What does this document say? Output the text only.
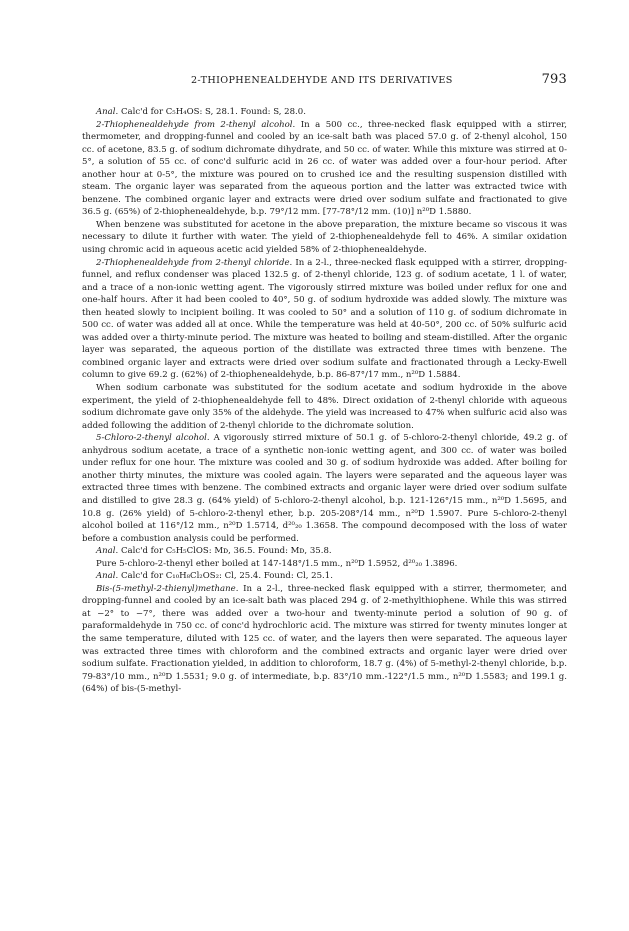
2-THIOPHENEALDEHYDE AND ITS DERIVATIVES	793

Anal. Calc'd for C₅H₄OS: S, 28.1. Found: S, 28.0.

2-Thiophenealdehyde from 2-thenyl alcohol. In a 500 cc., three-necked flask equipped with a stirrer, thermometer, and dropping-funnel and cooled by an ice-salt bath was placed 57.0 g. of 2-thenyl alcohol, 150 cc. of acetone, 83.5 g. of sodium dichromate dihydrate, and 50 cc. of water. While this mixture was stirred at 0-5°, a solution of 55 cc. of conc'd sulfuric acid in 26 cc. of water was added over a four-hour period. After another hour at 0-5°, the mixture was poured on to crushed ice and the resulting suspension distilled with steam. The organic layer was separated from the aqueous portion and the latter was extracted twice with benzene. The combined organic layer and extracts were dried over sodium sulfate and fractionated to give 36.5 g. (65%) of 2-thiophenealdehyde, b.p. 79°/12 mm. [77-78°/12 mm. (10)] n²⁰D 1.5880.

When benzene was substituted for acetone in the above preparation, the mixture became so viscous it was necessary to dilute it further with water. The yield of 2-thiophenealdehyde fell to 46%. A similar oxidation using chromic acid in aqueous acetic acid yielded 58% of 2-thiophenealdehyde.

2-Thiophenealdehyde from 2-thenyl chloride. In a 2-l., three-necked flask equipped with a stirrer, dropping-funnel, and reflux condenser was placed 132.5 g. of 2-thenyl chloride, 123 g. of sodium acetate, 1 l. of water, and a trace of a non-ionic wetting agent. The vigorously stirred mixture was boiled under reflux for one and one-half hours. After it had been cooled to 40°, 50 g. of sodium hydroxide was added slowly. The mixture was then heated slowly to incipient boiling. It was cooled to 50° and a solution of 110 g. of sodium dichromate in 500 cc. of water was added all at once. While the temperature was held at 40-50°, 200 cc. of 50% sulfuric acid was added over a thirty-minute period. The mixture was heated to boiling and steam-distilled. After the organic layer was separated, the aqueous portion of the distillate was extracted three times with benzene. The combined organic layer and extracts were dried over sodium sulfate and fractionated through a Lecky-Ewell column to give 69.2 g. (62%) of 2-thiophenealdehyde, b.p. 86-87°/17 mm., n²⁰D 1.5884.

When sodium carbonate was substituted for the sodium acetate and sodium hydroxide in the above experiment, the yield of 2-thiophenealdehyde fell to 48%. Direct oxidation of 2-thenyl chloride with aqueous sodium dichromate gave only 35% of the aldehyde. The yield was increased to 47% when sulfuric acid also was added following the addition of 2-thenyl chloride to the dichromate solution.

5-Chloro-2-thenyl alcohol. A vigorously stirred mixture of 50.1 g. of 5-chloro-2-thenyl chloride, 49.2 g. of anhydrous sodium acetate, a trace of a synthetic non-ionic wetting agent, and 300 cc. of water was boiled under reflux for one hour. The mixture was cooled and 30 g. of sodium hydroxide was added. After boiling for another thirty minutes, the mixture was cooled again. The layers were separated and the aqueous layer was extracted three times with benzene. The combined extracts and organic layer were dried over sodium sulfate and distilled to give 28.3 g. (64% yield) of 5-chloro-2-thenyl alcohol, b.p. 121-126°/15 mm., n²⁰D 1.5695, and 10.8 g. (26% yield) of 5-chloro-2-thenyl ether, b.p. 205-208°/14 mm., n²⁰D 1.5907. Pure 5-chloro-2-thenyl alcohol boiled at 116°/12 mm., n²⁰D 1.5714, d²⁰₂₀ 1.3658. The compound decomposed with the loss of water before a combustion analysis could be performed.

Anal. Calc'd for C₅H₅ClOS: Mᴅ, 36.5. Found: Mᴅ, 35.8.

Pure 5-chloro-2-thenyl ether boiled at 147-148°/1.5 mm., n²⁰D 1.5952, d²⁰₂₀ 1.3896.

Anal. Calc'd for C₁₀H₈Cl₂OS₂: Cl, 25.4. Found: Cl, 25.1.

Bis-(5-methyl-2-thienyl)methane. In a 2-l., three-necked flask equipped with a stirrer, thermometer, and dropping-funnel and cooled by an ice-salt bath was placed 294 g. of 2-methylthiophene. While this was stirred at −2° to −7°, there was added over a two-hour and twenty-minute period a solution of 90 g. of paraformaldehyde in 750 cc. of conc'd hydrochloric acid. The mixture was stirred for twenty minutes longer at the same temperature, diluted with 125 cc. of water, and the layers then were separated. The aqueous layer was extracted three times with chloroform and the combined extracts and organic layer were dried over sodium sulfate. Fractionation yielded, in addition to chloroform, 18.7 g. (4%) of 5-methyl-2-thenyl chloride, b.p. 79-83°/10 mm., n²⁰D 1.5531; 9.0 g. of intermediate, b.p. 83°/10 mm.-122°/1.5 mm., n²⁰D 1.5583; and 199.1 g. (64%) of bis-(5-methyl-
